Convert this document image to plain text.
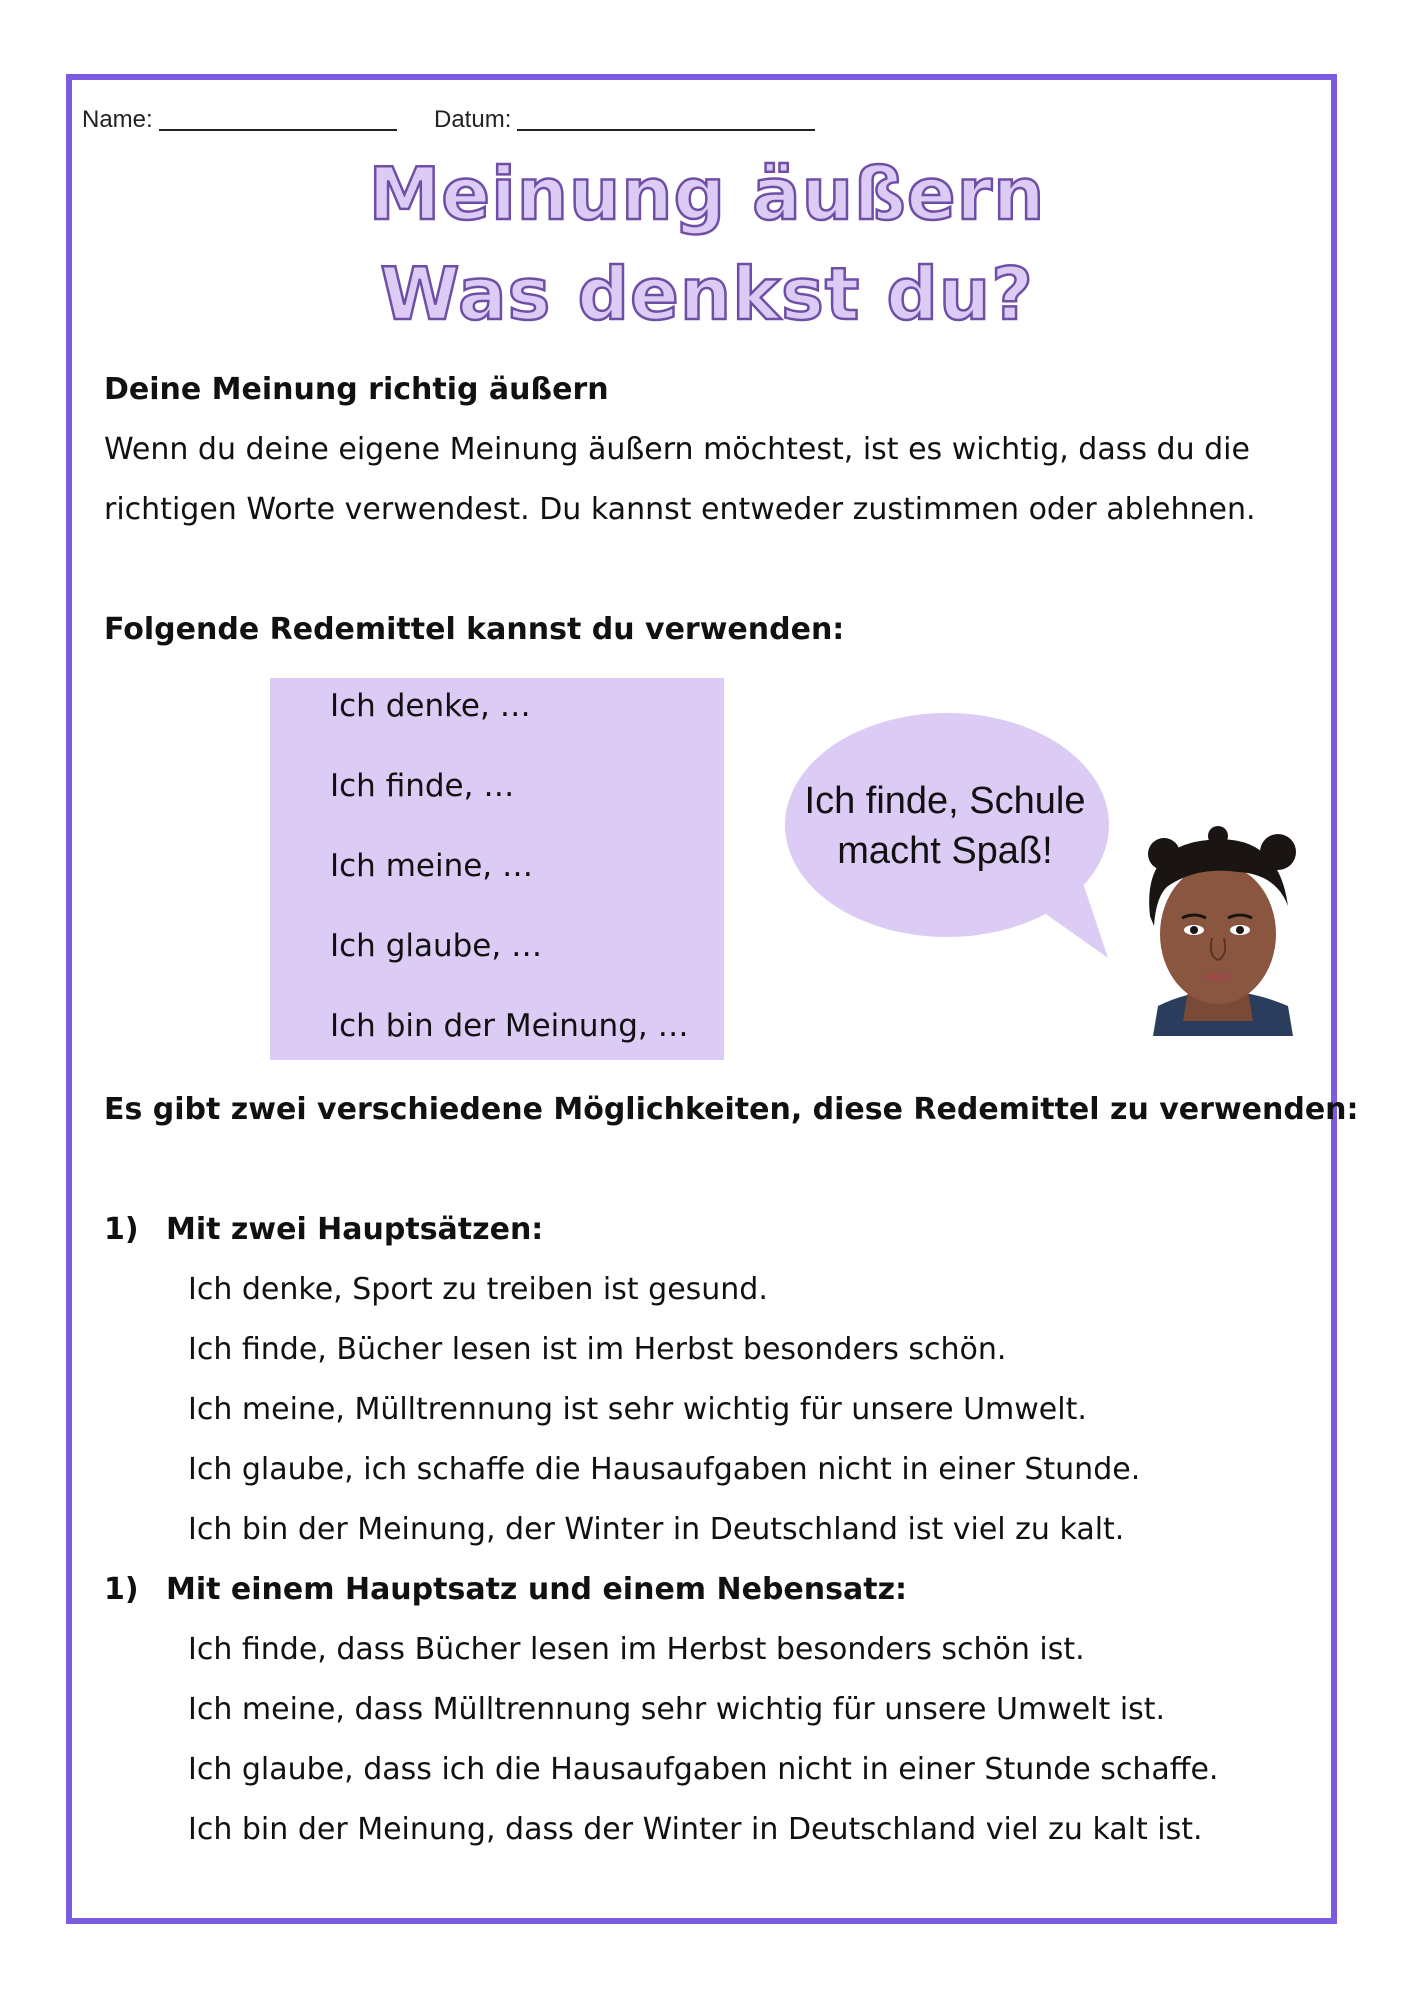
Name:	Datum:
Meinung äußern
Was denkst du?
Deine Meinung richtig äußern
Wenn du deine eigene Meinung äußern möchtest, ist es wichtig, dass du die
richtigen Worte verwendest. Du kannst entweder zustimmen oder ablehnen.
Folgende Redemittel kannst du verwenden:
Ich denke, …
Ich finde, …
Ich meine, …
Ich glaube, …
Ich bin der Meinung, …
Ich finde, Schule
macht Spaß!
Es gibt zwei verschiedene Möglichkeiten, diese Redemittel zu verwenden:
1) Mit zwei Hauptsätzen:
Ich denke, Sport zu treiben ist gesund.
Ich finde, Bücher lesen ist im Herbst besonders schön.
Ich meine, Mülltrennung ist sehr wichtig für unsere Umwelt.
Ich glaube, ich schaffe die Hausaufgaben nicht in einer Stunde.
Ich bin der Meinung, der Winter in Deutschland ist viel zu kalt.
1) Mit einem Hauptsatz und einem Nebensatz:
Ich finde, dass Bücher lesen im Herbst besonders schön ist.
Ich meine, dass Mülltrennung sehr wichtig für unsere Umwelt ist.
Ich glaube, dass ich die Hausaufgaben nicht in einer Stunde schaffe.
Ich bin der Meinung, dass der Winter in Deutschland viel zu kalt ist.
